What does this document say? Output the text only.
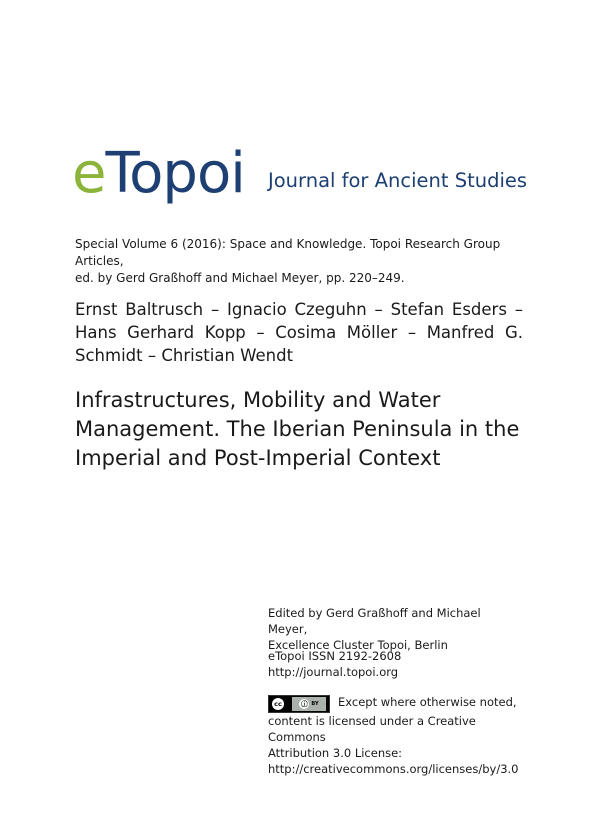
eTopoi Journal for Ancient Studies

Special Volume 6 (2016): Space and Knowledge. Topoi Research Group Articles,

ed. by Gerd Graßhoff and Michael Meyer, pp. 220–249.

Ernst Baltrusch – Ignacio Czeguhn – Stefan Esders – Hans Gerhard Kopp – Cosima Möller – Manfred G. Schmidt – Christian Wendt
Infrastructures, Mobility and Water
Management. The Iberian Peninsula in the
Imperial and Post-Imperial Context

Edited by Gerd Graßhoff and Michael Meyer,

Excellence Cluster Topoi, Berlin

eTopoi ISSN 2192-2608

http://journal.topoi.org

cc	ⓘ BY	Except where otherwise noted,

content is licensed under a Creative Commons

Attribution 3.0 License:

http://creativecommons.org/licenses/by/3.0
